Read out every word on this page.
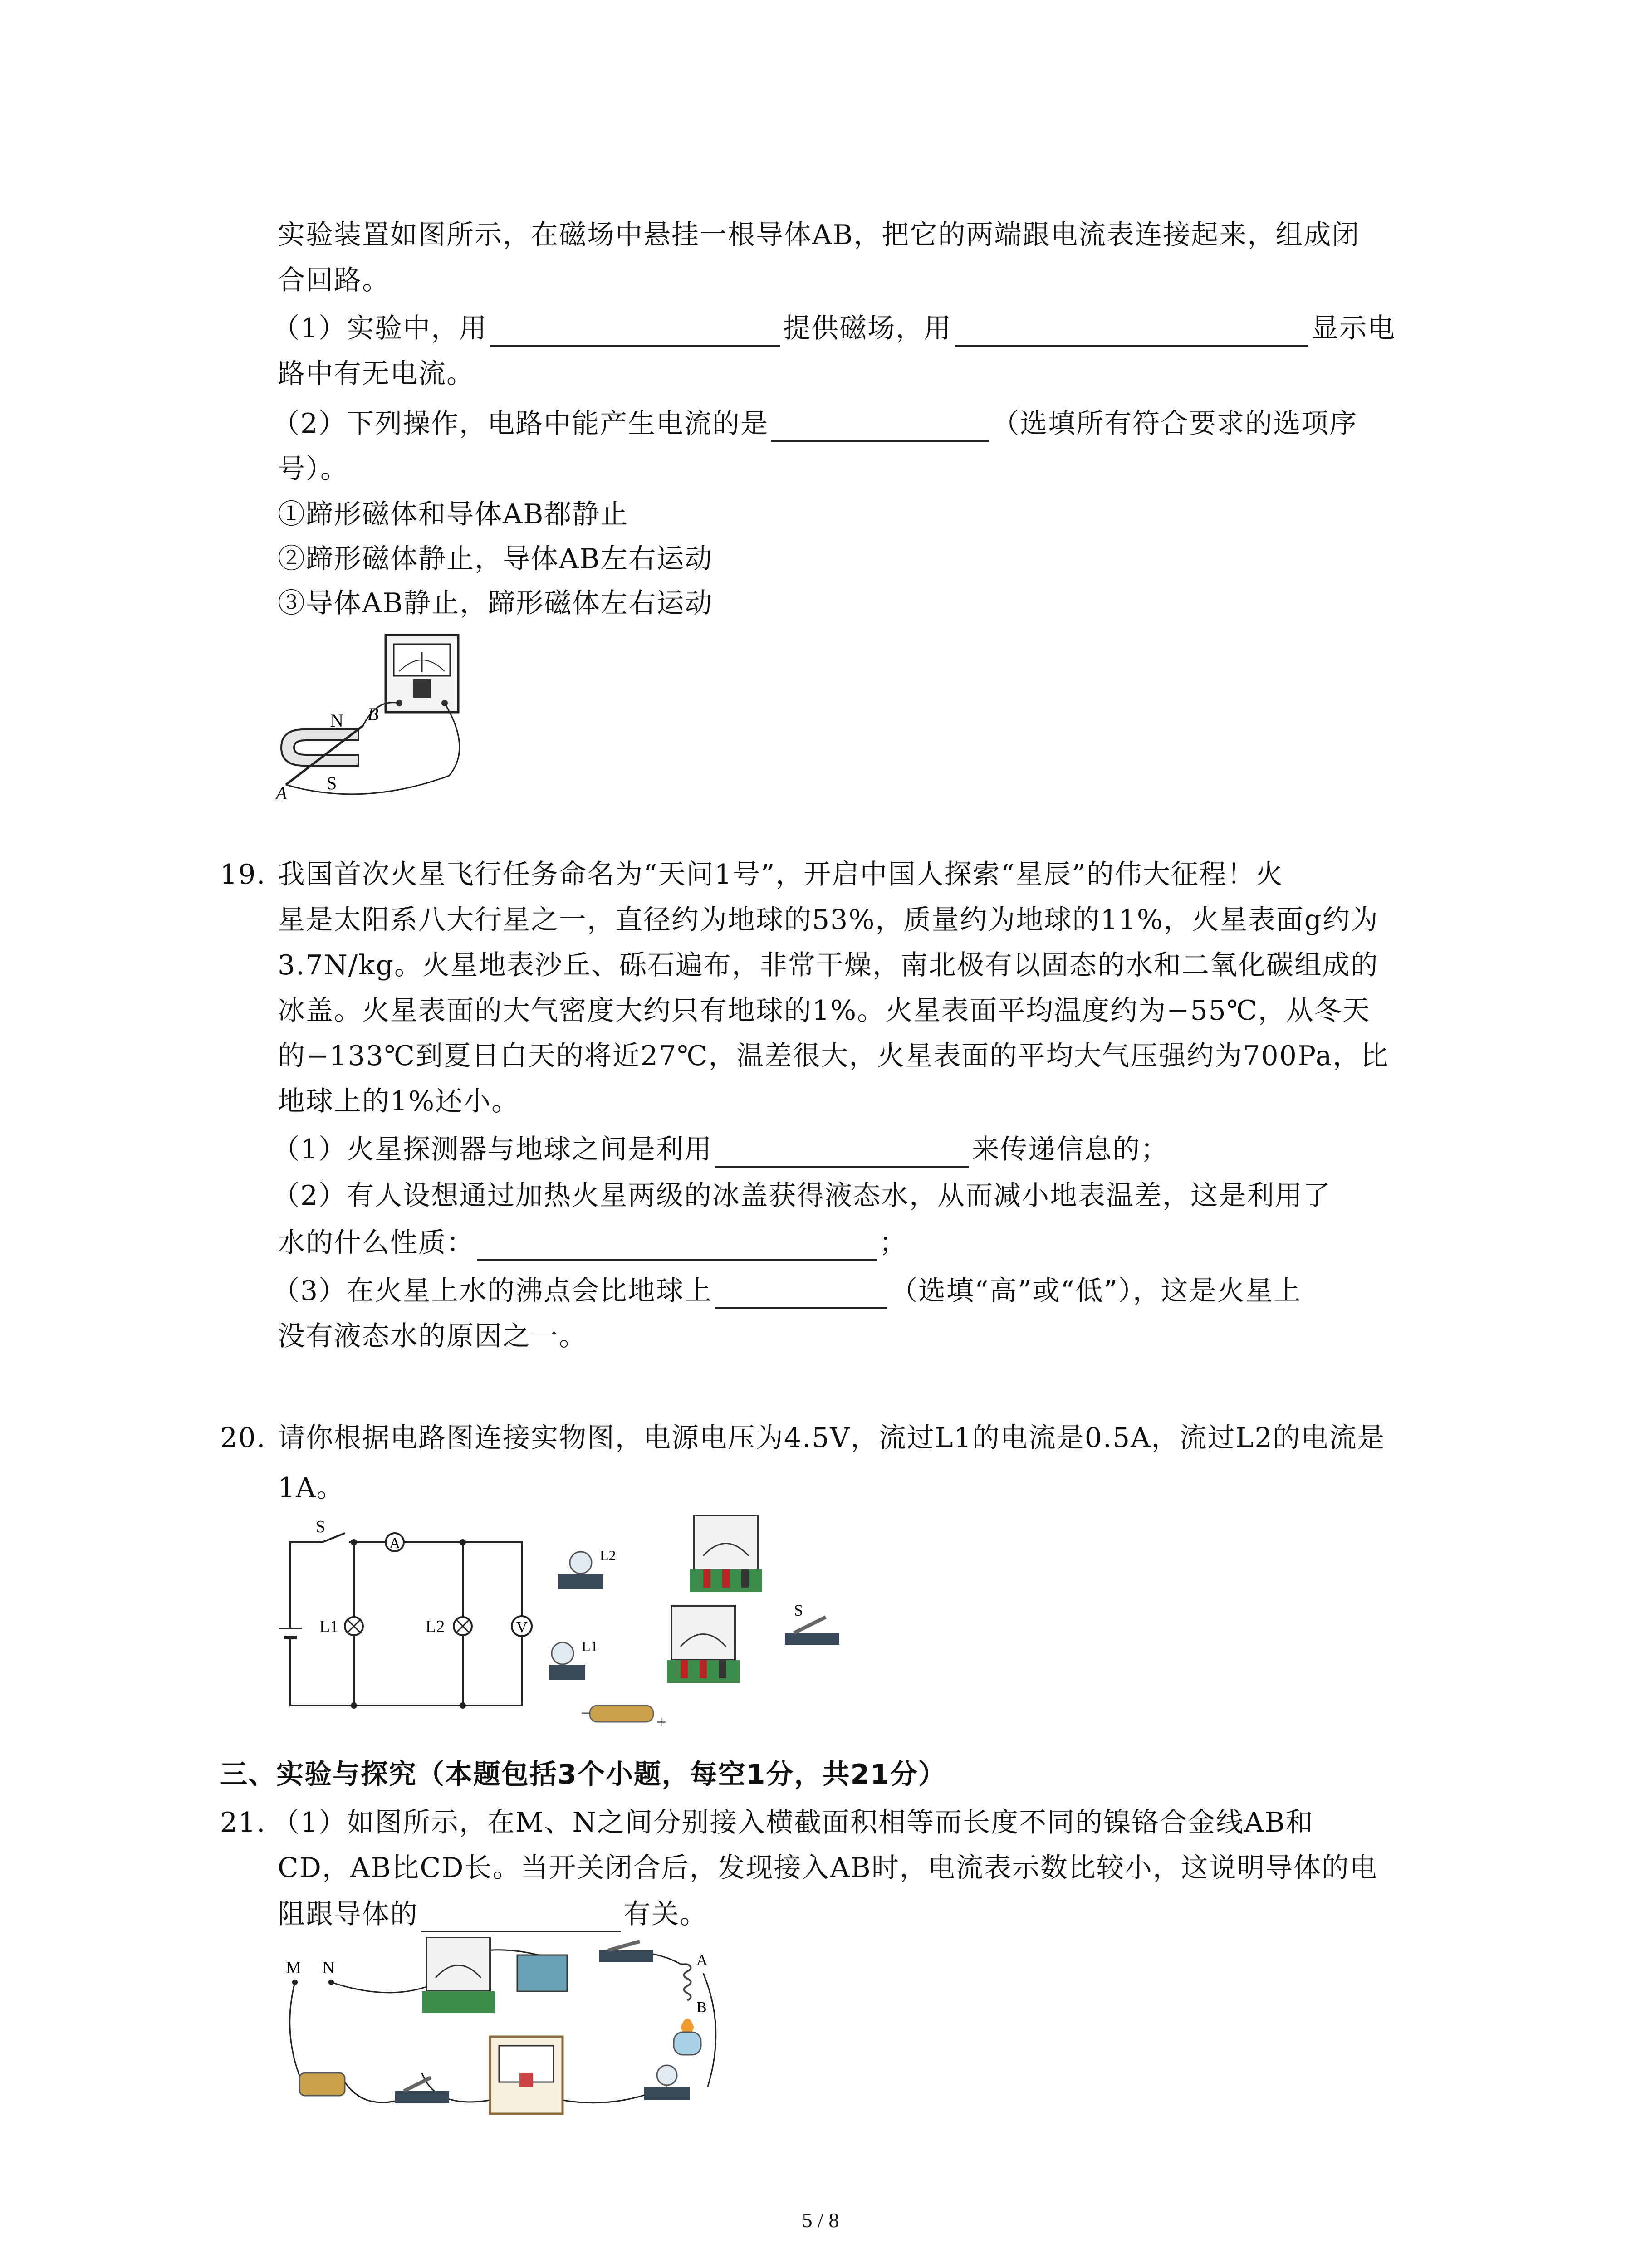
实验装置如图所示，在磁场中悬挂一根导体AB，把它的两端跟电流表连接起来，组成闭
合回路。
（1）实验中，用	提供磁场，用	显示电
路中有无电流。
（2）下列操作，电路中能产生电流的是	（选填所有符合要求的选项序
号）。
①蹄形磁体和导体AB都静止
②蹄形磁体静止，导体AB左右运动
③导体AB静止，蹄形磁体左右运动
N
S
A
B
19. 我国首次火星飞行任务命名为“天问1号”，开启中国人探索“星辰”的伟大征程！火
星是太阳系八大行星之一，直径约为地球的53%，质量约为地球的11%，火星表面g约为
3.7N/kg。火星地表沙丘、砾石遍布，非常干燥，南北极有以固态的水和二氧化碳组成的
冰盖。火星表面的大气密度大约只有地球的1%。火星表面平均温度约为−55℃，从冬天
的−133℃到夏日白天的将近27℃，温差很大，火星表面的平均大气压强约为700Pa，比
地球上的1%还小。
（1）火星探测器与地球之间是利用	来传递信息的；
（2）有人设想通过加热火星两级的冰盖获得液态水，从而减小地表温差，这是利用了
水的什么性质：	；
（3）在火星上水的沸点会比地球上	（选填“高”或“低”），这是火星上
没有液态水的原因之一。
20. 请你根据电路图连接实物图，电源电压为4.5V，流过L1的电流是0.5A，流过L2的电流是
1A。
S
A
V
L1	L2
L2
L1
S
−	+
三、实验与探究（本题包括3个小题，每空1分，共21分）
21. （1）如图所示，在M、N之间分别接入横截面积相等而长度不同的镍铬合金线AB和
CD，AB比CD长。当开关闭合后，发现接入AB时，电流表示数比较小，这说明导体的电
阻跟导体的	有关。
M N	A
B
5 / 8
